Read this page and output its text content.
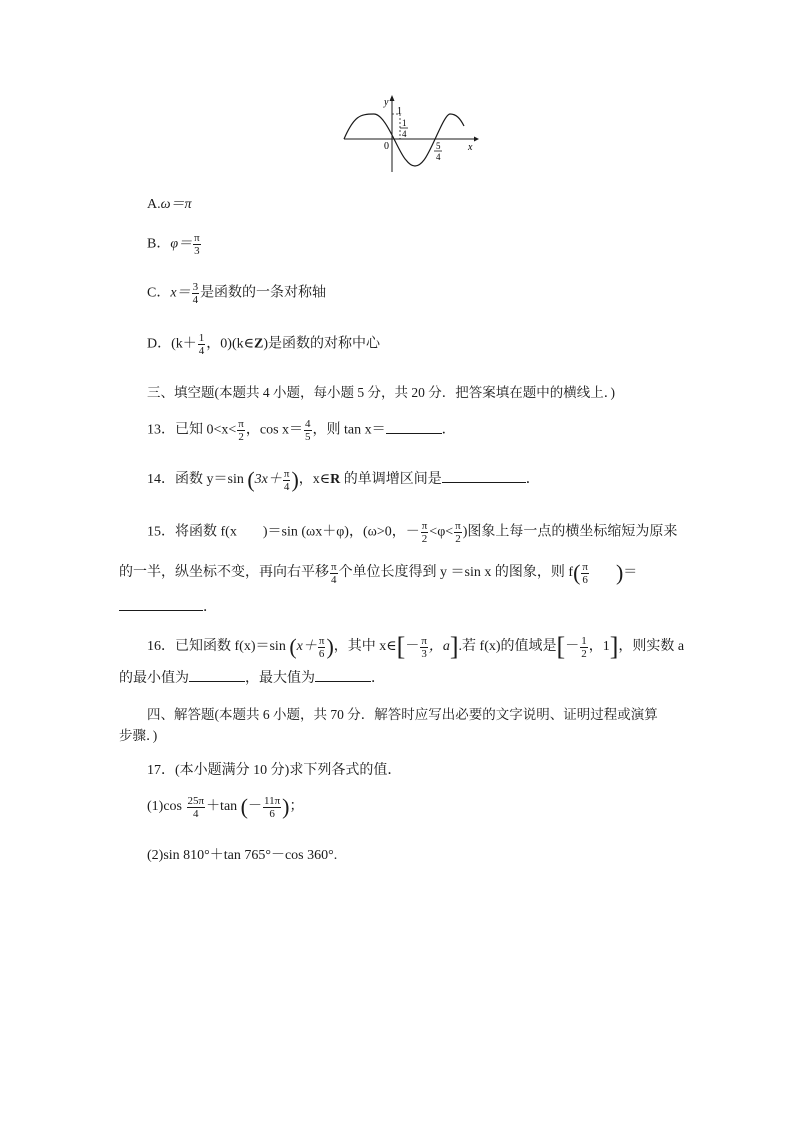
y
x
0
1
1
4
5
4
A.ω＝π
B．$\varphi= \frac{\pi}{3}$
C．$x= \frac{3}{4}$ 是函数的一条对称轴
D．($k+ \frac{1}{4}$ ，0)(k∈Z)是函数的对称中心
三、填空题(本题共 4 小题，每小题 5 分，共 20 分．把答案填在题中的横线上．)
13．已知 $0<x< \frac{\pi}{2}$ ，$\cos x= \frac{4}{5}$ ，则 tan x＝	．
14．函数 y＝sin ($3x+ \frac{\pi}{4}$ )，x∈R 的单调增区间是	．
15．将函数 f(x )＝sin (ωx＋φ)，(ω>0，－ $\frac{\pi}{2} <\varphi< \frac{\pi}{2}$ )图象上每一点的横坐标缩短为原来
的一半，纵坐标不变，再向右平移 $\frac{\pi}{4}$ 个单位长度得到 y ＝sin x 的图象，则 $f( \frac{\pi}{6}$ )＝
．
16．已知函数 f(x)＝sin ($x+ \frac{\pi}{6}$ )，其中 x∈[－ $\frac{\pi}{3}$ ，a].若 f(x)的值域是[－ $\frac{1}{2}$ ，1]，则实数 a
的最小值为	，最大值为	．
四、解答题(本题共 6 小题，共 70 分．解答时应写出必要的文字说明、证明过程或演算
步骤．)
17．(本小题满分 10 分)求下列各式的值．
$(1)\cos \frac{25\pi}{4} +\tan$ (－ $\frac{11\pi}{6}$ )；
(2)sin 810°＋tan 765°－cos 360°.
